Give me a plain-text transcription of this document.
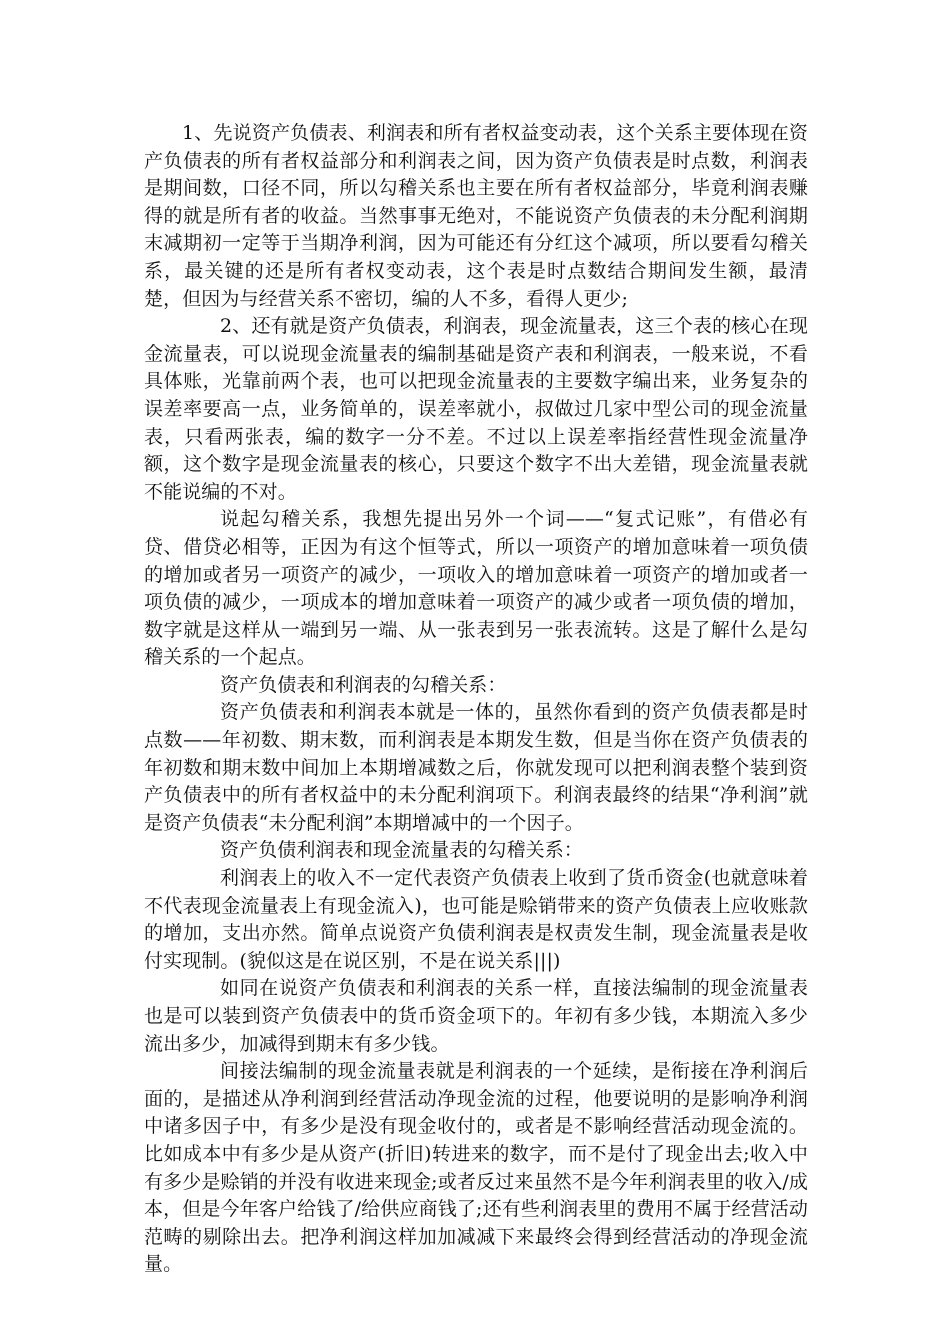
1、先说资产负债表、利润表和所有者权益变动表，这个关系主要体现在资产负债表的所有者权益部分和利润表之间，因为资产负债表是时点数，利润表是期间数，口径不同，所以勾稽关系也主要在所有者权益部分，毕竟利润表赚得的就是所有者的收益。当然事事无绝对，不能说资产负债表的未分配利润期末减期初一定等于当期净利润，因为可能还有分红这个减项，所以要看勾稽关系，最关键的还是所有者权变动表，这个表是时点数结合期间发生额，最清楚，但因为与经营关系不密切，编的人不多，看得人更少;

2、还有就是资产负债表，利润表，现金流量表，这三个表的核心在现金流量表，可以说现金流量表的编制基础是资产表和利润表，一般来说，不看具体账，光靠前两个表，也可以把现金流量表的主要数字编出来，业务复杂的误差率要高一点，业务简单的，误差率就小，叔做过几家中型公司的现金流量表，只看两张表，编的数字一分不差。不过以上误差率指经营性现金流量净额，这个数字是现金流量表的核心，只要这个数字不出大差错，现金流量表就不能说编的不对。

说起勾稽关系，我想先提出另外一个词——“复式记账”，有借必有贷、借贷必相等，正因为有这个恒等式，所以一项资产的增加意味着一项负债的增加或者另一项资产的减少，一项收入的增加意味着一项资产的增加或者一项负债的减少，一项成本的增加意味着一项资产的减少或者一项负债的增加，数字就是这样从一端到另一端、从一张表到另一张表流转。这是了解什么是勾稽关系的一个起点。

资产负债表和利润表的勾稽关系：

资产负债表和利润表本就是一体的，虽然你看到的资产负债表都是时点数——年初数、期末数，而利润表是本期发生数，但是当你在资产负债表的年初数和期末数中间加上本期增减数之后，你就发现可以把利润表整个装到资产负债表中的所有者权益中的未分配利润项下。利润表最终的结果“净利润”就是资产负债表“未分配利润”本期增减中的一个因子。

资产负债利润表和现金流量表的勾稽关系：

利润表上的收入不一定代表资产负债表上收到了货币资金(也就意味着不代表现金流量表上有现金流入)，也可能是赊销带来的资产负债表上应收账款的增加，支出亦然。简单点说资产负债利润表是权责发生制，现金流量表是收付实现制。(貌似这是在说区别，不是在说关系|||)

如同在说资产负债表和利润表的关系一样，直接法编制的现金流量表也是可以装到资产负债表中的货币资金项下的。年初有多少钱，本期流入多少流出多少，加减得到期末有多少钱。

间接法编制的现金流量表就是利润表的一个延续，是衔接在净利润后面的，是描述从净利润到经营活动净现金流的过程，他要说明的是影响净利润中诸多因子中，有多少是没有现金收付的，或者是不影响经营活动现金流的。比如成本中有多少是从资产(折旧)转进来的数字，而不是付了现金出去;收入中有多少是赊销的并没有收进来现金;或者反过来虽然不是今年利润表里的收入/成本，但是今年客户给钱了/给供应商钱了;还有些利润表里的费用不属于经营活动范畴的剔除出去。把净利润这样加加减减下来最终会得到经营活动的净现金流量。
